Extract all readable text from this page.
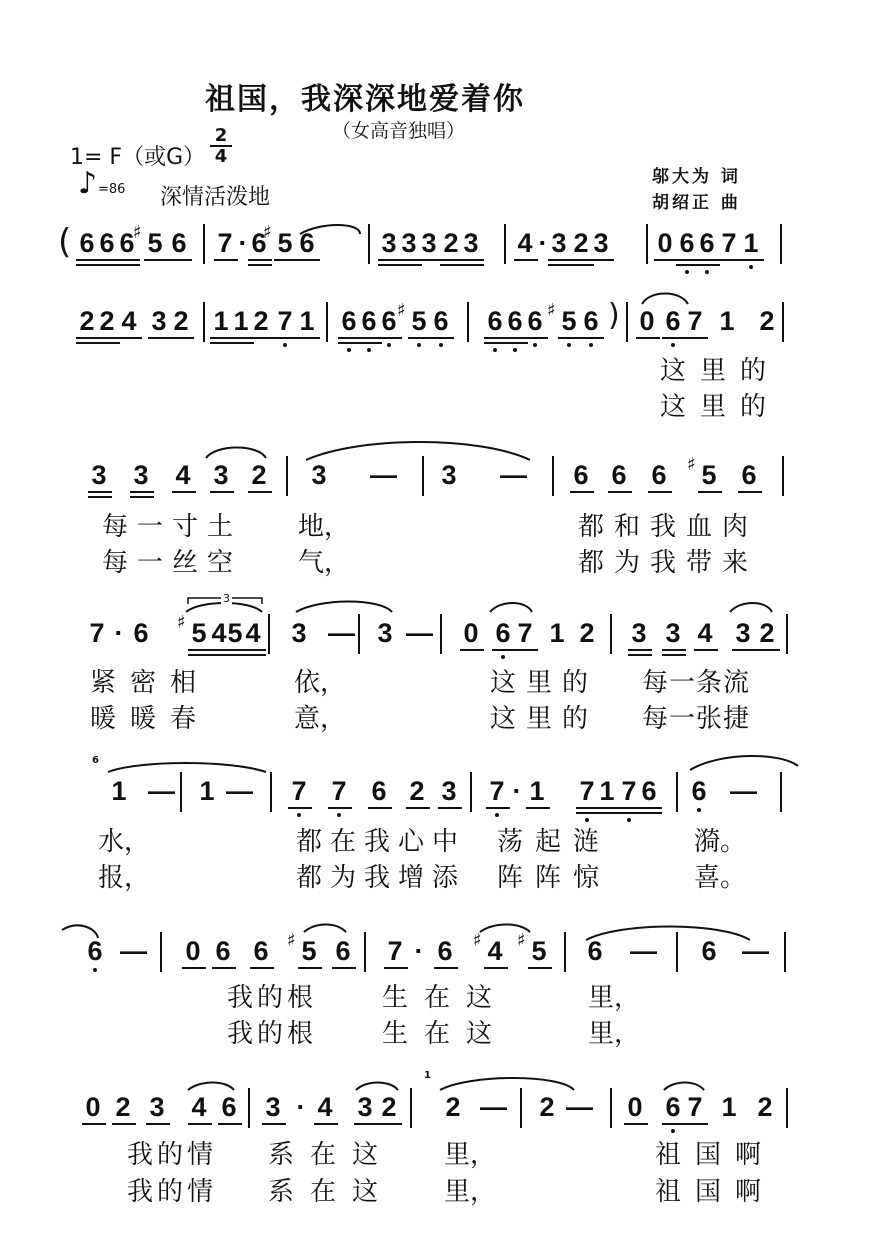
祖国，我深深地爱着你
（女高音独唱）
1= F（或G）
2
4
♪ =86 深情活泼地
邬大为 词
胡绍正 曲
6 6 6 5
♯ 6 7 · 6 5
♯ 6 3 3 3 2 3 4 · 3 2 3 0 6 6 7 1
2 2 4 3 2 1 1 2 7 1 6 6 6 5
♯ 6 6 6 6 5
♯ 6 0 6 7 1 2
3 3 4 3 2 3 — 3 — 6 6 6 5
♯ 6
7 · 6 5
♯ 4 5 4 3 — 3 — 0 6 7 1 2 3 3 4 3 2
1 — 1 — 7 7 6 2 3 7 · 1 7 1 7 6 6 —
6 — 0 6 6 5
♯ 6 7 · 6 4
♯ 5
♯ 6 — 6 —
0 2 3 4 6 3 · 4 3 2 2 — 2 — 0 6 7 1 2
这里的
这里的
每一寸土	地，	都和我血肉
每一丝空	气，	都为我带来
紧密相	依，	这里的	每一条流
暖暖春	意，	这里的	每一张捷
水，	都在我心中	荡起涟	漪。
报，	都为我增添	阵阵惊	喜。
我的根	生在这	里，
我的根	生在这	里，
我的情	系在这 里，	祖国啊
我的情	系在这 里，	祖国啊
3
(
)
6
1
